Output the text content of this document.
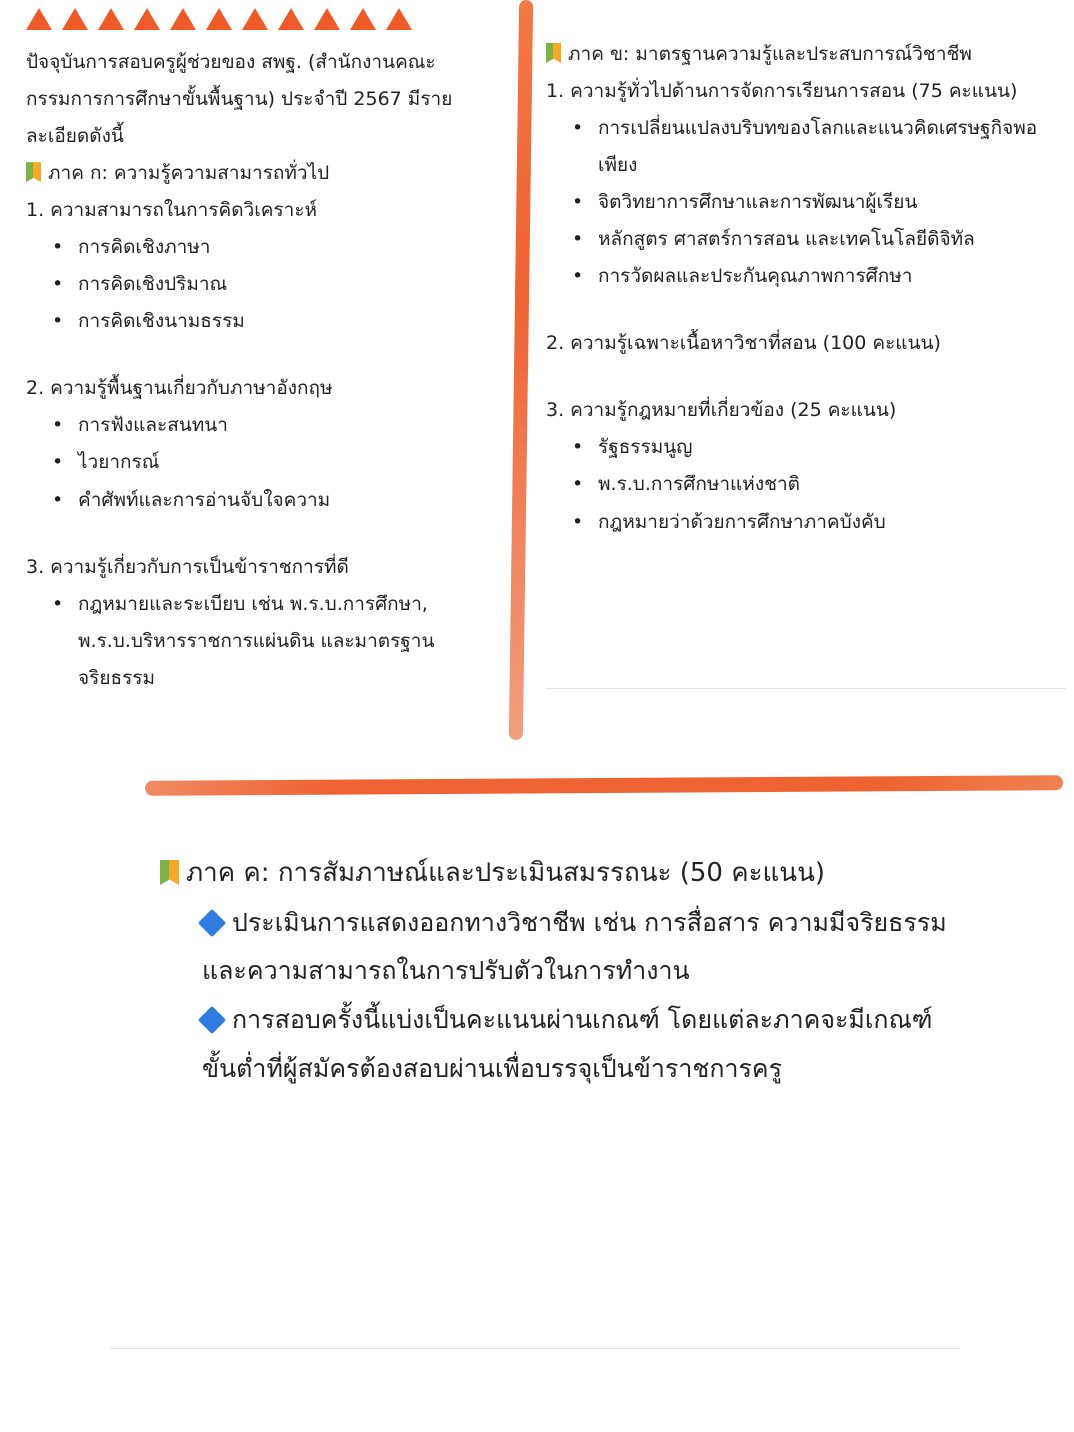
ปัจจุบันการสอบครูผู้ช่วยของ สพฐ. (สำนักงานคณะกรรมการการศึกษาขั้นพื้นฐาน) ประจำปี 2567 มีรายละเอียดดังนี้

ภาค ก: ความรู้ความสามารถทั่วไป

1. ความสามารถในการคิดวิเคราะห์

• การคิดเชิงภาษา
• การคิดเชิงปริมาณ
• การคิดเชิงนามธรรม

2. ความรู้พื้นฐานเกี่ยวกับภาษาอังกฤษ

• การฟังและสนทนา
• ไวยากรณ์
• คำศัพท์และการอ่านจับใจความ

3. ความรู้เกี่ยวกับการเป็นข้าราชการที่ดี

• กฎหมายและระเบียบ เช่น พ.ร.บ.การศึกษา, พ.ร.บ.บริหารราชการแผ่นดิน และมาตรฐานจริยธรรม

ภาค ข: มาตรฐานความรู้และประสบการณ์วิชาชีพ

1. ความรู้ทั่วไปด้านการจัดการเรียนการสอน (75 คะแนน)

• การเปลี่ยนแปลงบริบทของโลกและแนวคิดเศรษฐกิจพอเพียง

• จิตวิทยาการศึกษาและการพัฒนาผู้เรียน
• หลักสูตร ศาสตร์การสอน และเทคโนโลยีดิจิทัล
• การวัดผลและประกันคุณภาพการศึกษา

2. ความรู้เฉพาะเนื้อหาวิชาที่สอน (100 คะแนน)

3. ความรู้กฎหมายที่เกี่ยวข้อง (25 คะแนน)

• รัฐธรรมนูญ
• พ.ร.บ.การศึกษาแห่งชาติ
• กฎหมายว่าด้วยการศึกษาภาคบังคับ

ภาค ค: การสัมภาษณ์และประเมินสมรรถนะ (50 คะแนน)

ประเมินการแสดงออกทางวิชาชีพ เช่น การสื่อสาร ความมีจริยธรรม และความสามารถในการปรับตัวในการทำงาน

การสอบครั้งนี้แบ่งเป็นคะแนนผ่านเกณฑ์ โดยแต่ละภาคจะมีเกณฑ์ขั้นต่ำที่ผู้สมัครต้องสอบผ่านเพื่อบรรจุเป็นข้าราชการครู
